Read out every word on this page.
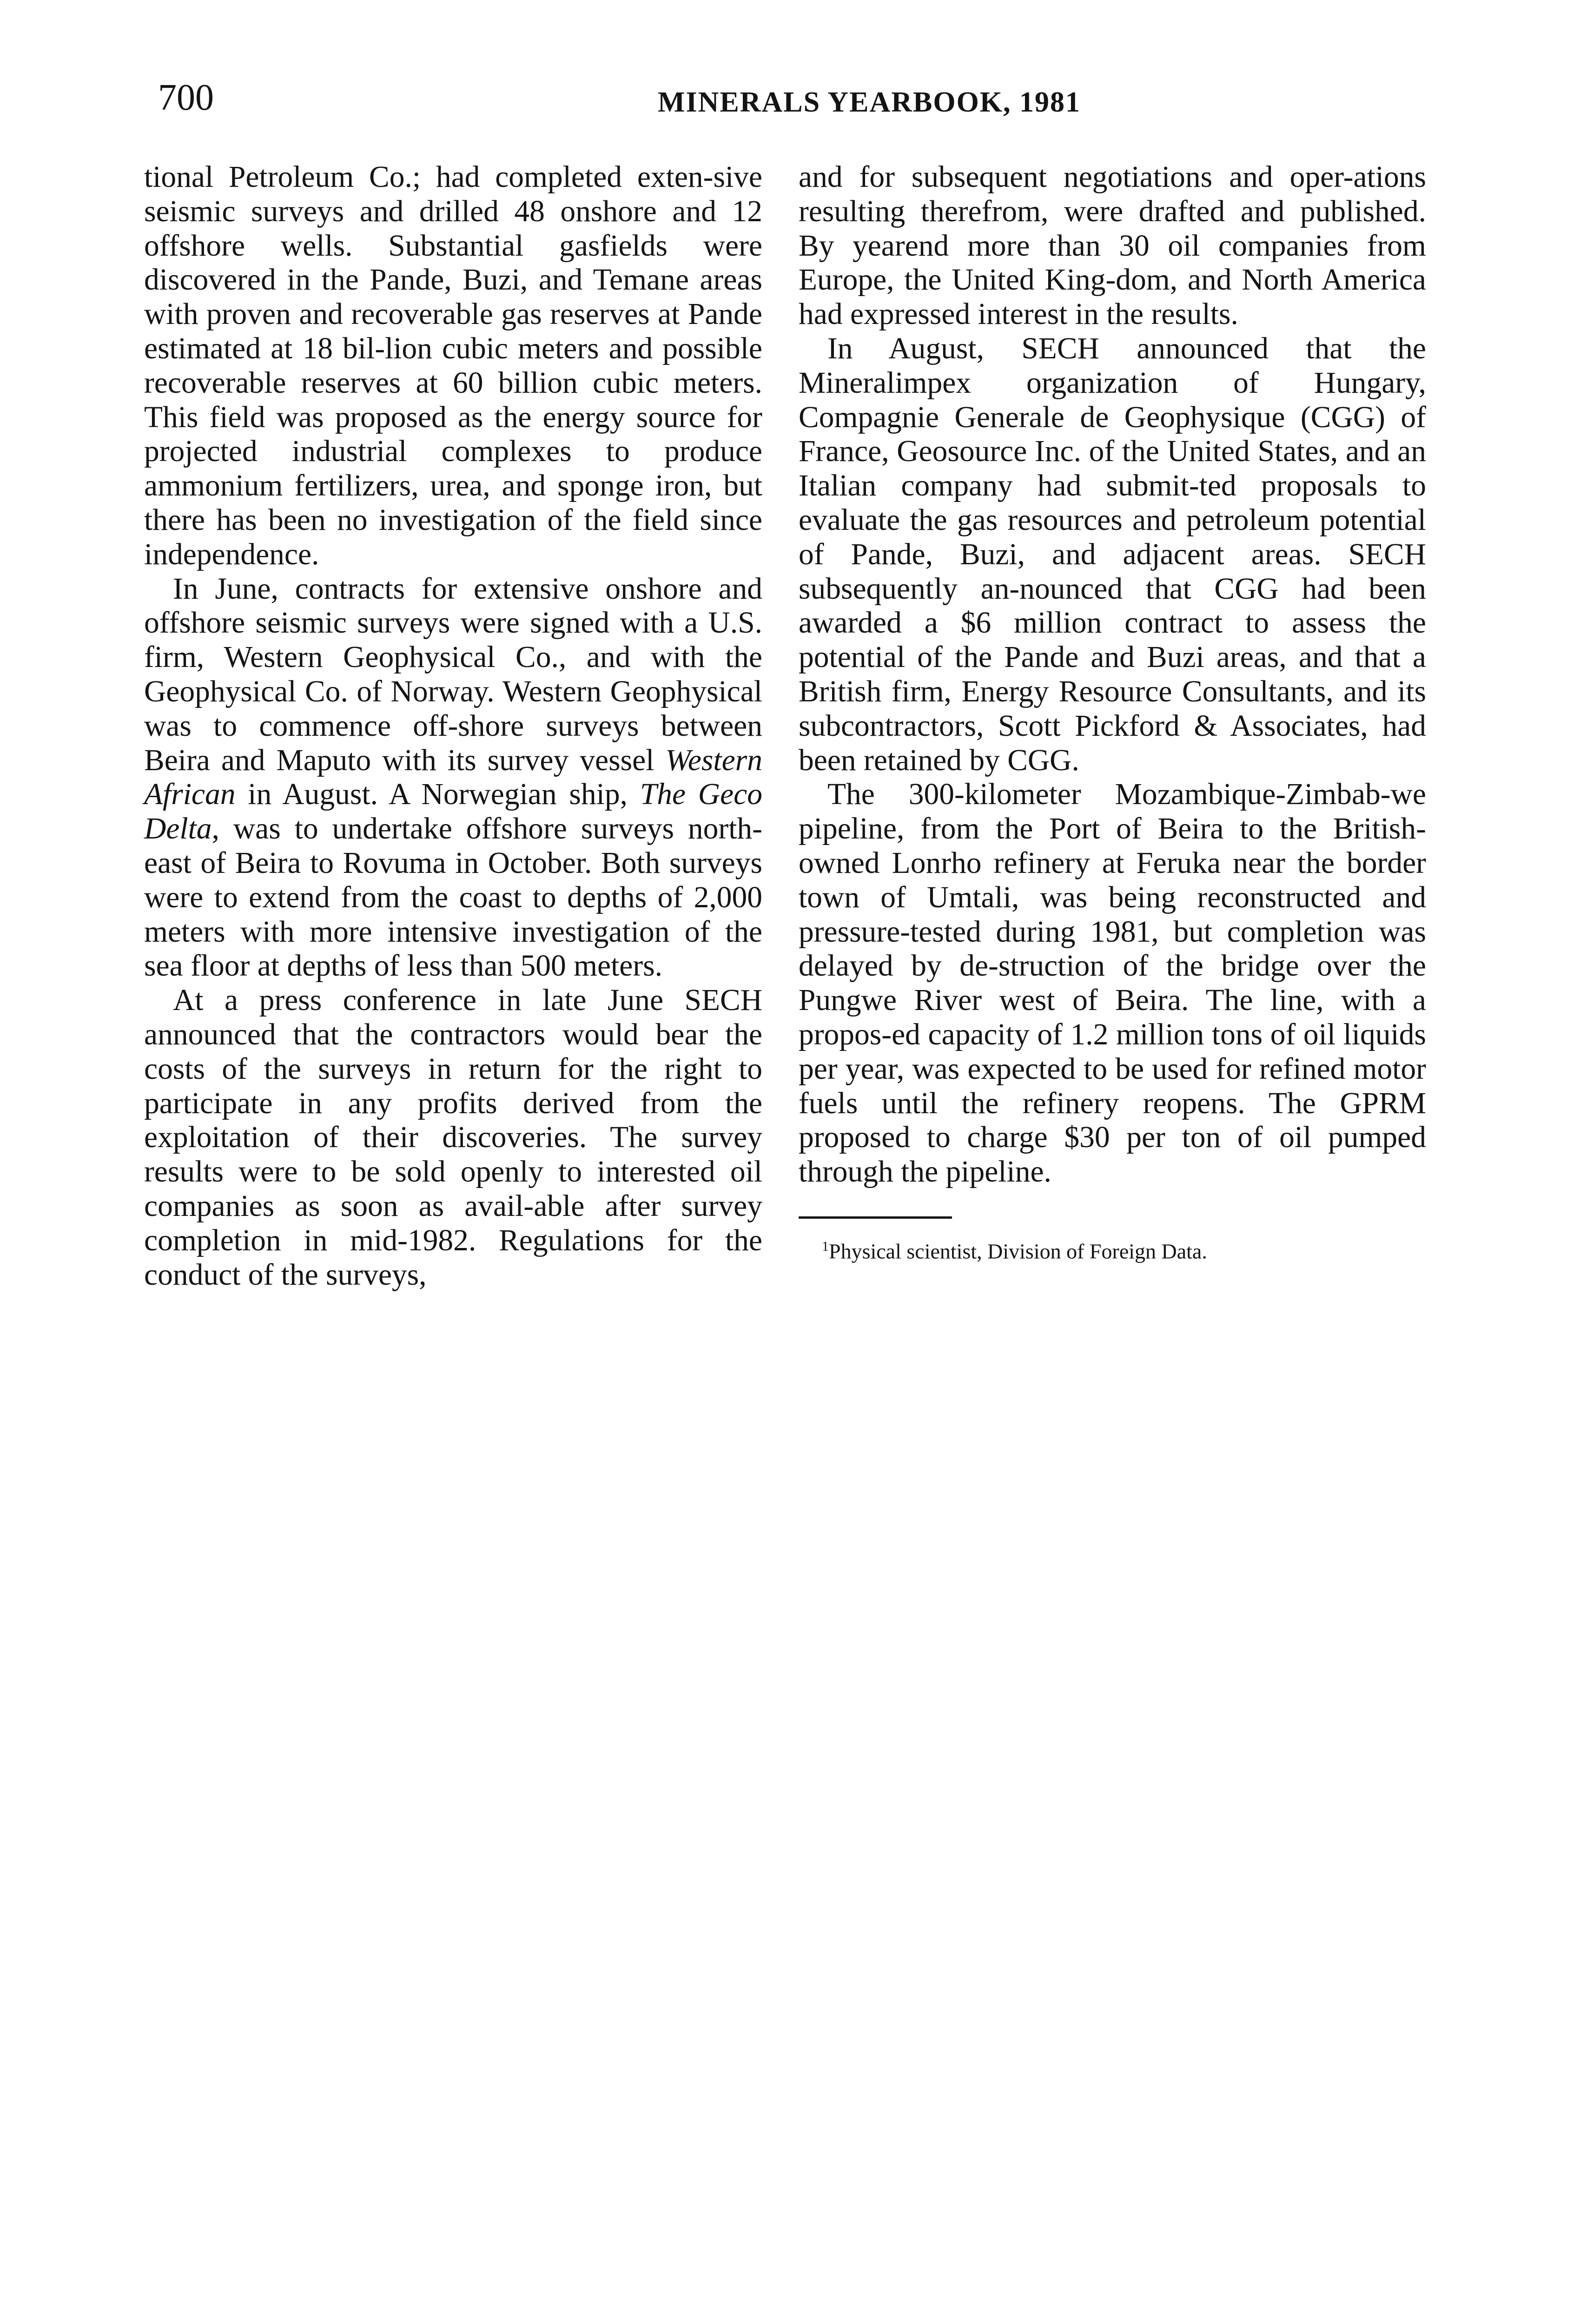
700	MINERALS YEARBOOK, 1981

tional Petroleum Co.; had completed exten-sive seismic surveys and drilled 48 onshore and 12 offshore wells. Substantial gasfields were discovered in the Pande, Buzi, and Temane areas with proven and recoverable gas reserves at Pande estimated at 18 bil-lion cubic meters and possible recoverable reserves at 60 billion cubic meters. This field was proposed as the energy source for projected industrial complexes to produce ammonium fertilizers, urea, and sponge iron, but there has been no investigation of the field since independence.

In June, contracts for extensive onshore and offshore seismic surveys were signed with a U.S. firm, Western Geophysical Co., and with the Geophysical Co. of Norway. Western Geophysical was to commence off-shore surveys between Beira and Maputo with its survey vessel Western African in August. A Norwegian ship, The Geco Delta, was to undertake offshore surveys north-east of Beira to Rovuma in October. Both surveys were to extend from the coast to depths of 2,000 meters with more intensive investigation of the sea floor at depths of less than 500 meters.

At a press conference in late June SECH announced that the contractors would bear the costs of the surveys in return for the right to participate in any profits derived from the exploitation of their discoveries. The survey results were to be sold openly to interested oil companies as soon as avail-able after survey completion in mid-1982. Regulations for the conduct of the surveys,

and for subsequent negotiations and oper-ations resulting therefrom, were drafted and published. By yearend more than 30 oil companies from Europe, the United King-dom, and North America had expressed interest in the results.

In August, SECH announced that the Mineralimpex organization of Hungary, Compagnie Generale de Geophysique (CGG) of France, Geosource Inc. of the United States, and an Italian company had submit-ted proposals to evaluate the gas resources and petroleum potential of Pande, Buzi, and adjacent areas. SECH subsequently an-nounced that CGG had been awarded a $6 million contract to assess the potential of the Pande and Buzi areas, and that a British firm, Energy Resource Consultants, and its subcontractors, Scott Pickford & Associates, had been retained by CGG.

The 300-kilometer Mozambique-Zimbab-we pipeline, from the Port of Beira to the British-owned Lonrho refinery at Feruka near the border town of Umtali, was being reconstructed and pressure-tested during 1981, but completion was delayed by de-struction of the bridge over the Pungwe River west of Beira. The line, with a propos-ed capacity of 1.2 million tons of oil liquids per year, was expected to be used for refined motor fuels until the refinery reopens. The GPRM proposed to charge $30 per ton of oil pumped through the pipeline.

$^1$Physical scientist, Division of Foreign Data.
